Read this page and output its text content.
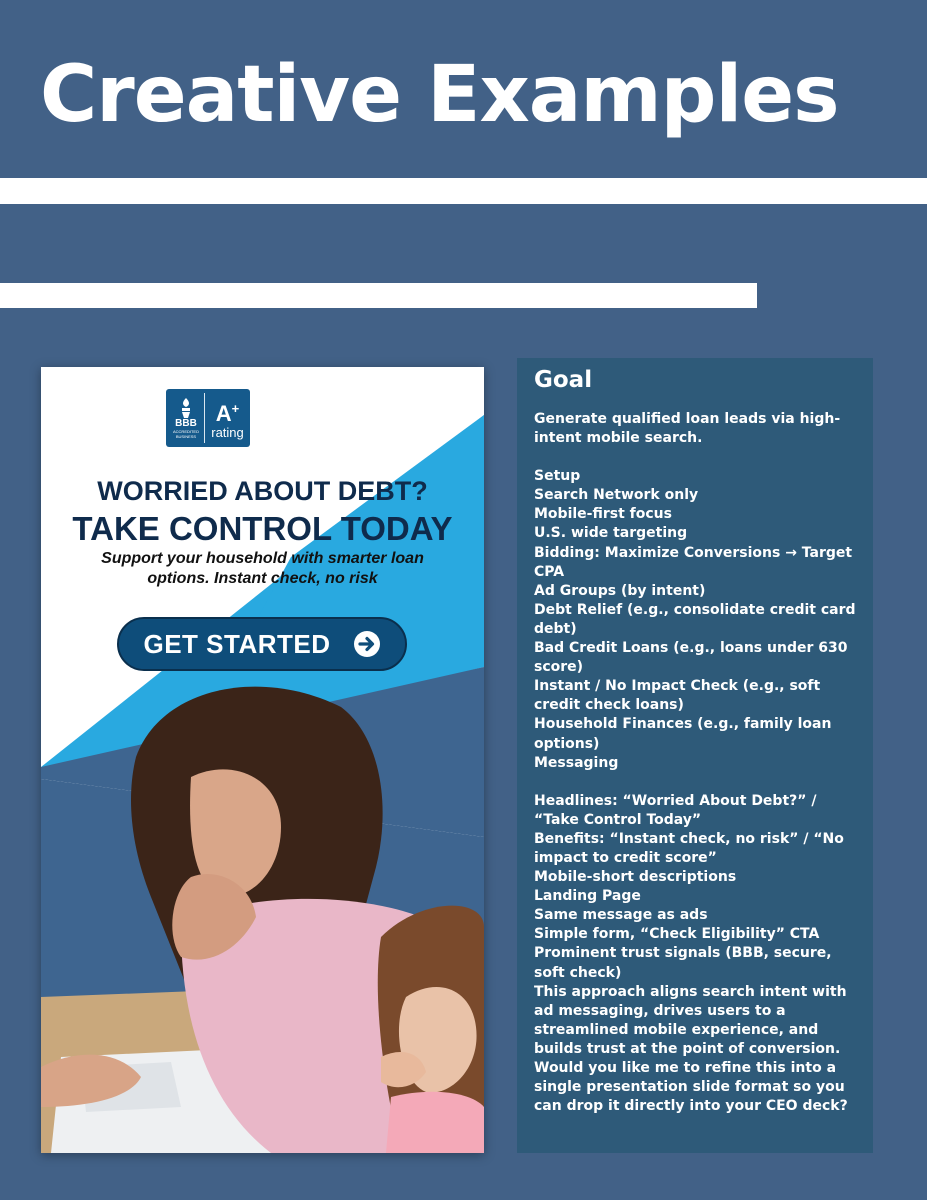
Creative Examples
BBB
ACCREDITED BUSINESS
A+
rating
WORRIED ABOUT DEBT?
TAKE CONTROL TODAY
Support your household with smarter loan options. Instant check, no risk
GET STARTED
Goal

Generate qualified loan leads via high-intent mobile search.

Setup

Search Network only

Mobile-first focus

U.S. wide targeting

Bidding: Maximize Conversions → Target CPA

Ad Groups (by intent)

Debt Relief (e.g., consolidate credit card debt)

Bad Credit Loans (e.g., loans under 630 score)

Instant / No Impact Check (e.g., soft credit check loans)

Household Finances (e.g., family loan options)

Messaging

Headlines: “Worried About Debt?” / “Take Control Today”

Benefits: “Instant check, no risk” / “No impact to credit score”

Mobile-short descriptions

Landing Page

Same message as ads

Simple form, “Check Eligibility” CTA

Prominent trust signals (BBB, secure, soft check)

This approach aligns search intent with ad messaging, drives users to a streamlined mobile experience, and builds trust at the point of conversion.

Would you like me to refine this into a single presentation slide format so you can drop it directly into your CEO deck?
